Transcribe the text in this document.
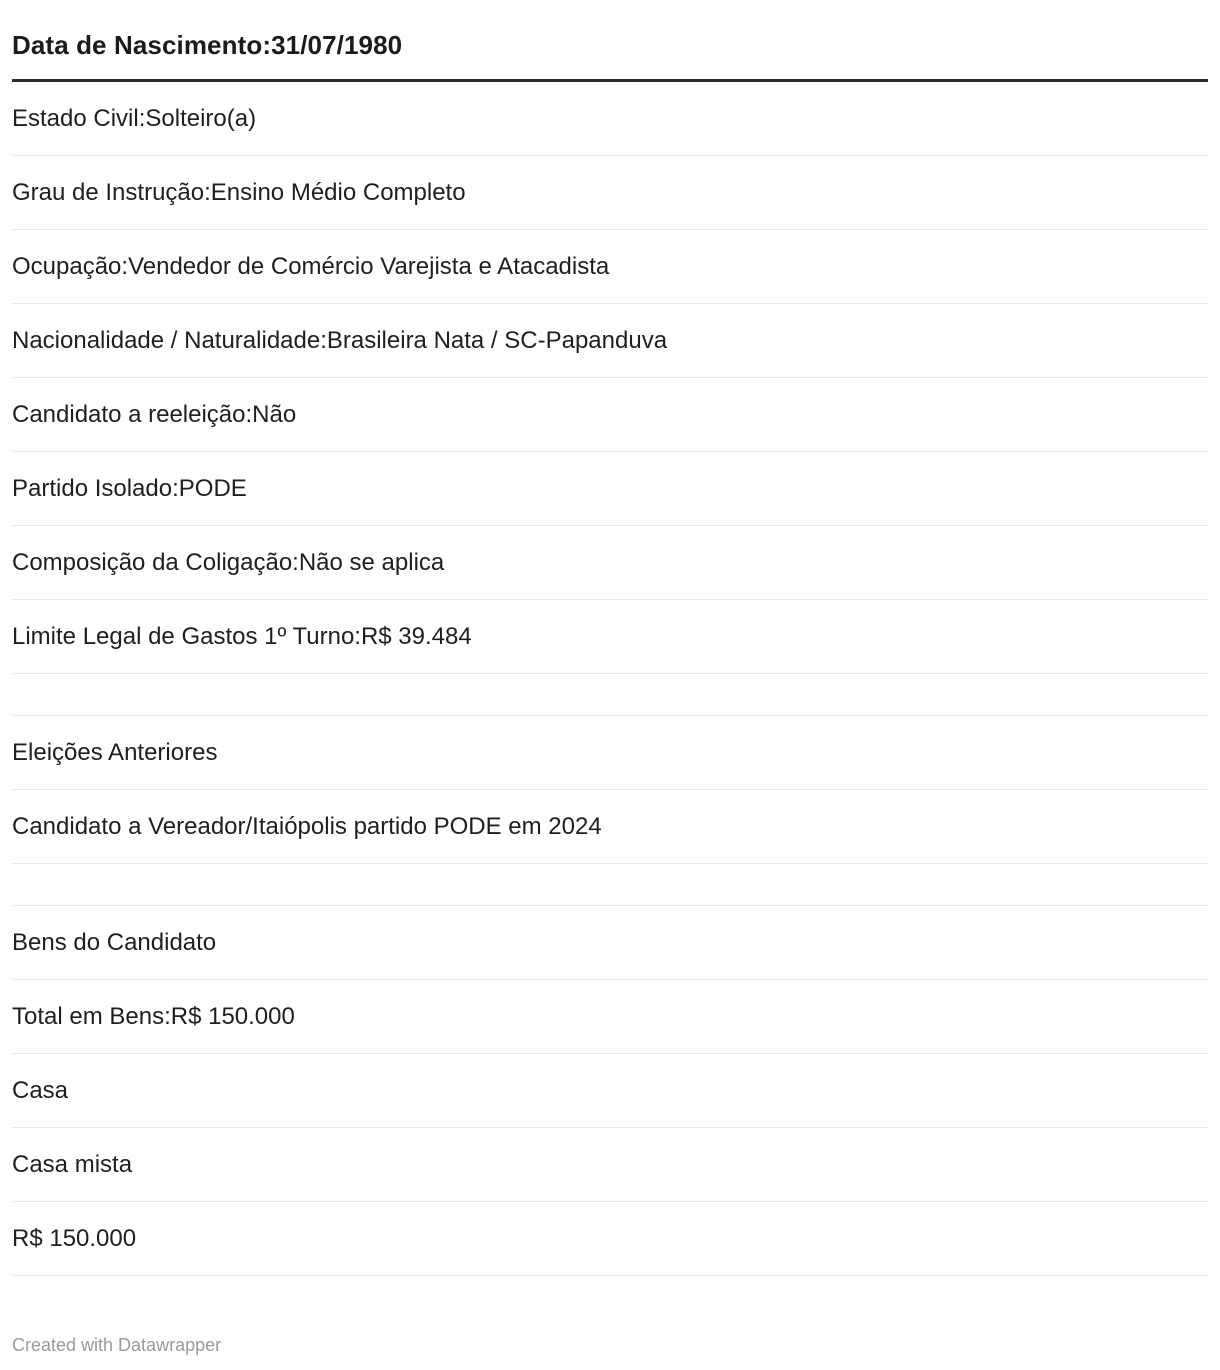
Data de Nascimento:31/07/1980
Estado Civil:Solteiro(a)
Grau de Instrução:Ensino Médio Completo
Ocupação:Vendedor de Comércio Varejista e Atacadista
Nacionalidade / Naturalidade:Brasileira Nata / SC-Papanduva
Candidato a reeleição:Não
Partido Isolado:PODE
Composição da Coligação:Não se aplica
Limite Legal de Gastos 1º Turno:R$ 39.484
Eleições Anteriores
Candidato a Vereador/Itaiópolis partido PODE em 2024
Bens do Candidato
Total em Bens:R$ 150.000
Casa
Casa mista
R$ 150.000
Created with Datawrapper
